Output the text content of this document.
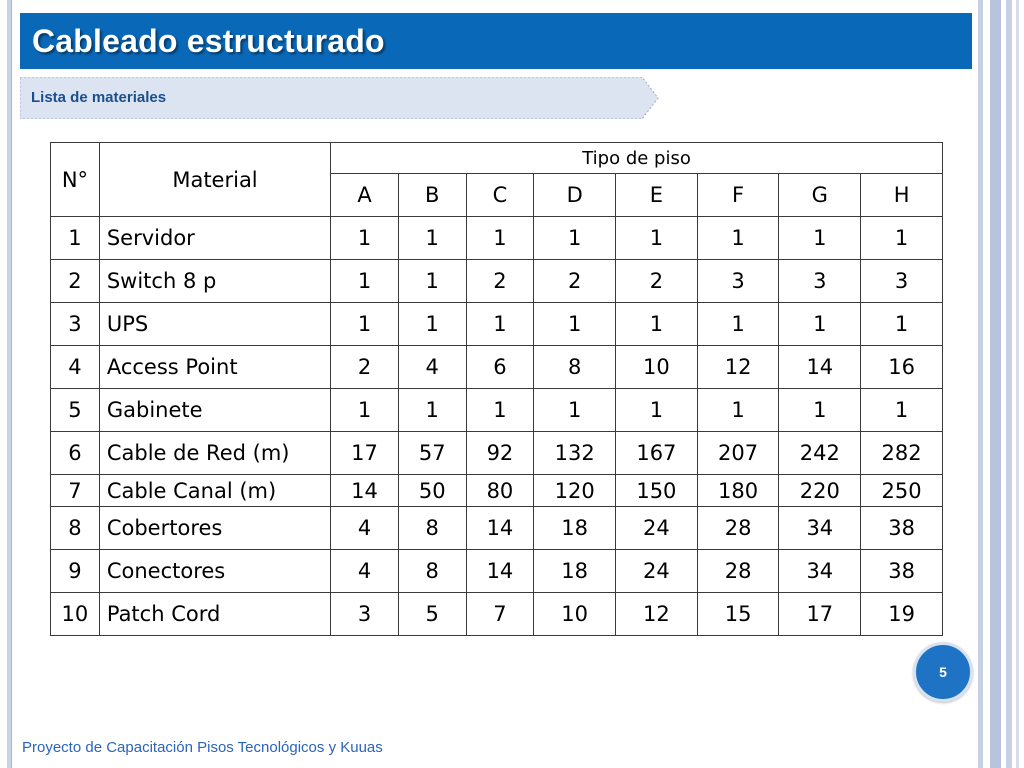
Cableado estructurado
Lista de materiales
N°	Material	Tipo de piso							
		A	B	C	D	E	F	G	H
1	Servidor	1	1	1	1	1	1	1	1
2	Switch 8 p	1	1	2	2	2	3	3	3
3	UPS	1	1	1	1	1	1	1	1
4	Access Point	2	4	6	8	10	12	14	16
5	Gabinete	1	1	1	1	1	1	1	1
6	Cable de Red (m)	17	57	92	132	167	207	242	282
7	Cable Canal (m)	14	50	80	120	150	180	220	250
8	Cobertores	4	8	14	18	24	28	34	38
9	Conectores	4	8	14	18	24	28	34	38
10	Patch Cord	3	5	7	10	12	15	17	19
5
Proyecto de Capacitación Pisos Tecnológicos y Kuuas
